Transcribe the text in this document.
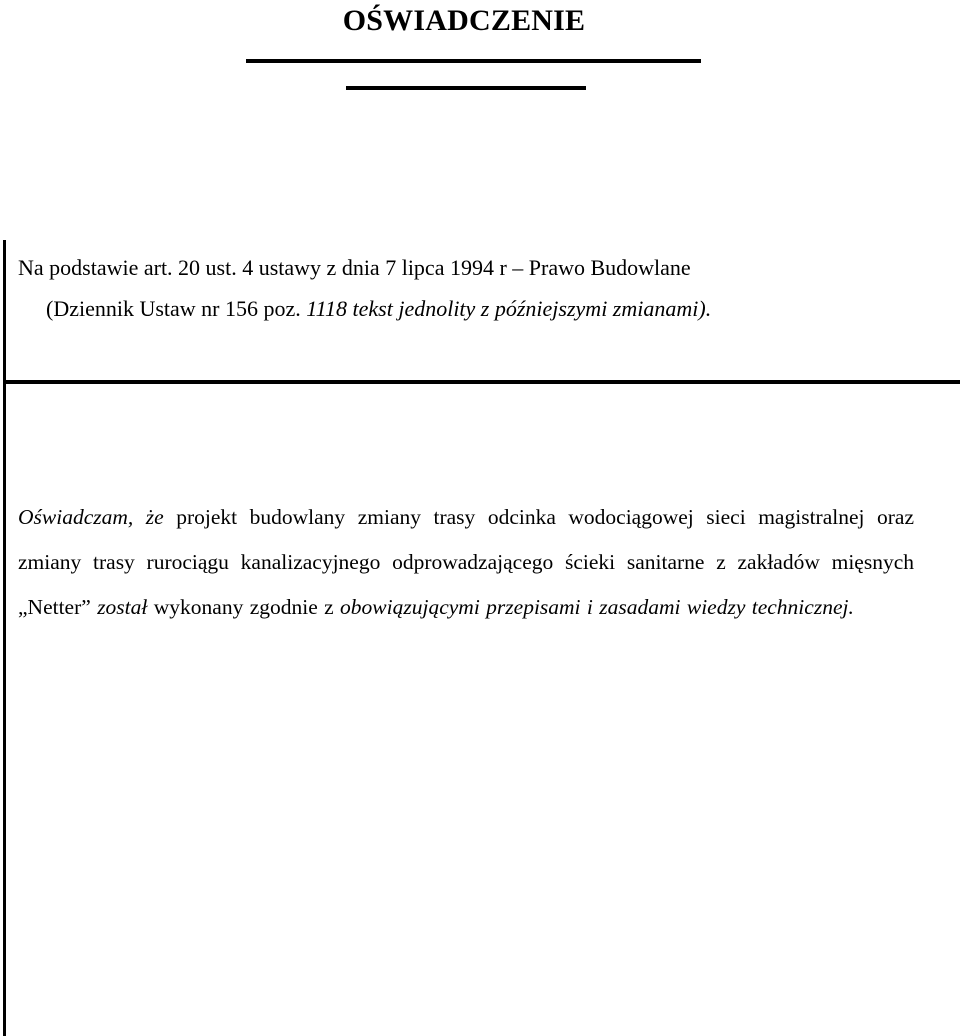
OŚWIADCZENIE
Na podstawie art. 20 ust. 4 ustawy z dnia 7 lipca 1994 r – Prawo Budowlane
(Dziennik Ustaw nr 156 poz. 1118 tekst jednolity z późniejszymi zmianami).
Oświadczam, że projekt budowlany zmiany trasy odcinka wodociągowej sieci magistralnej oraz zmiany trasy rurociągu kanalizacyjnego odprowadzającego ścieki sanitarne z zakładów mięsnych „Netter” został wykonany zgodnie z obowiązującymi przepisami i zasadami wiedzy technicznej.
